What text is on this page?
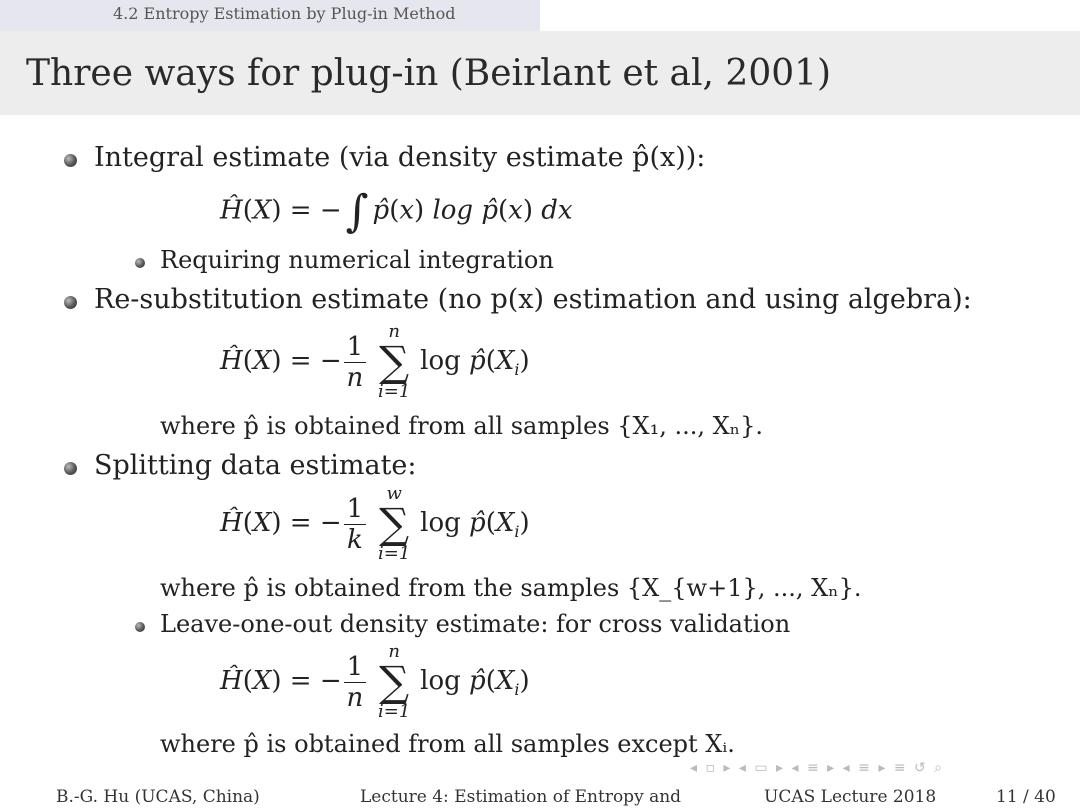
4.2 Entropy Estimation by Plug-in Method
Three ways for plug-in (Beirlant et al, 2001)
Integral estimate (via density estimate p̂(x)):
Ĥ(X) = −∫ p̂(x) log p̂(x) dx
Requiring numerical integration
Re-substitution estimate (no p(x) estimation and using algebra):
Ĥ(X) = − $\frac{1}{n}$	n
∑
i=1
$\log p̂(X_i)$
where p̂ is obtained from all samples {X₁, ..., Xₙ}.
Splitting data estimate:
Ĥ(X) = − $\frac{1}{k}$	w
∑
i=1
$\log p̂(X_i)$
where p̂ is obtained from the samples {X_{w+1}, ..., Xₙ}.
Leave-one-out density estimate: for cross validation
Ĥ(X) = − $\frac{1}{n}$	n
∑
i=1
$\log p̂(X_i)$
where p̂ is obtained from all samples except Xᵢ.
◂ ▫ ▸ ◂ ▭ ▸ ◂ ≡ ▸ ◂ ≡ ▸ ≡ ↺ ⌕
B.-G. Hu (UCAS, China)	Lecture 4: Estimation of Entropy and	UCAS Lecture 2018	11 / 40
